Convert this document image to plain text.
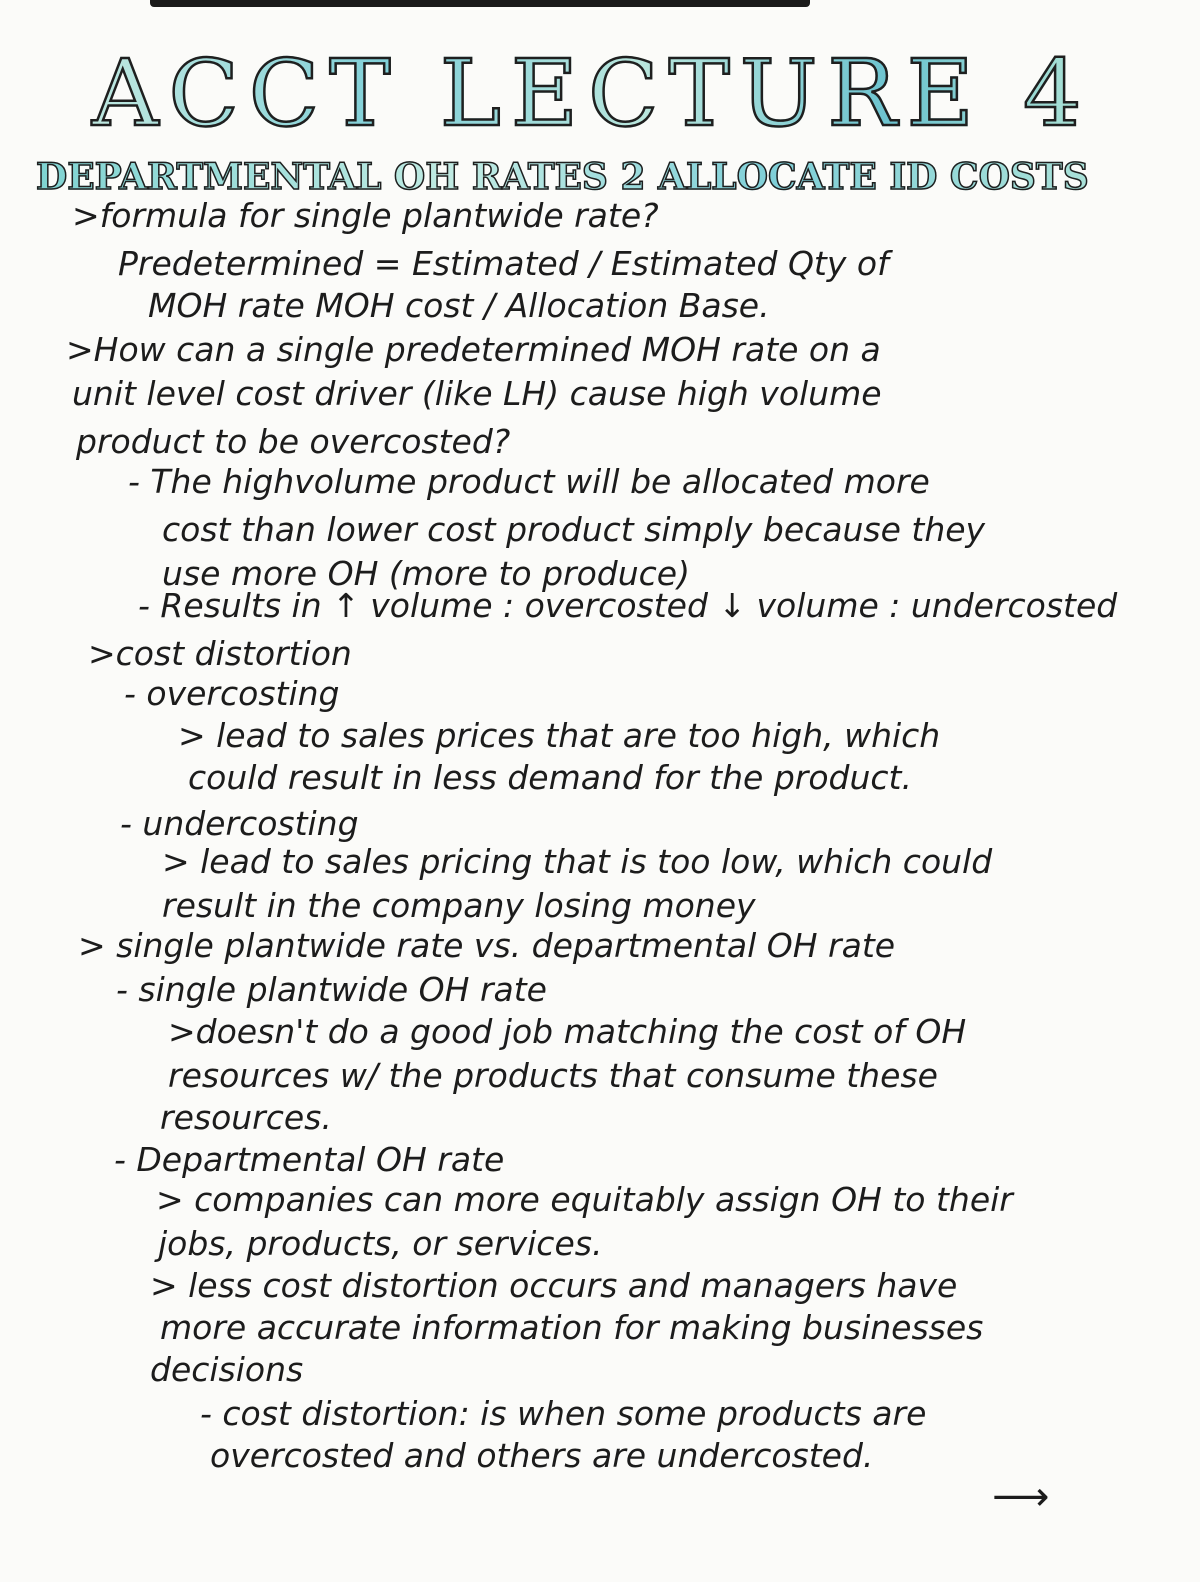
ACCT LECTURE 4
DEPARTMENTAL OH RATES 2 ALLOCATE ID COSTS
>formula for single plantwide rate?
Predetermined = Estimated / Estimated Qty of
MOH rate MOH cost / Allocation Base.
>How can a single predetermined MOH rate on a
unit level cost driver (like LH) cause high volume
product to be overcosted?
- The highvolume product will be allocated more
cost than lower cost product simply because they
use more OH (more to produce)
- Results in ↑ volume : overcosted ↓ volume : undercosted
>cost distortion
- overcosting
> lead to sales prices that are too high, which
could result in less demand for the product.
- undercosting
> lead to sales pricing that is too low, which could
result in the company losing money
> single plantwide rate vs. departmental OH rate
- single plantwide OH rate
>doesn't do a good job matching the cost of OH
resources w/ the products that consume these
resources.
- Departmental OH rate
> companies can more equitably assign OH to their
jobs, products, or services.
> less cost distortion occurs and managers have
more accurate information for making businesses
decisions
- cost distortion: is when some products are
overcosted and others are undercosted.
⟶
